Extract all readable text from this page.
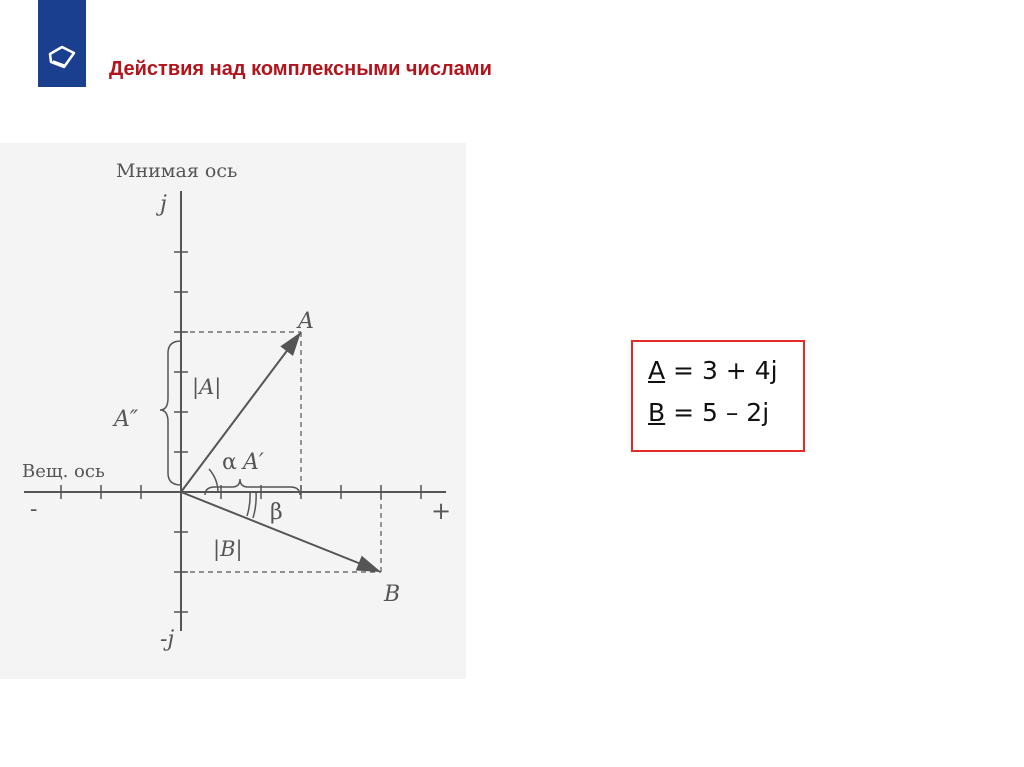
Действия над комплексными числами
Мнимая ось
j
-j
Вещ. ось
-	+
A
B
|A|
A″
α A′
β
|B|
A = 3 + 4j
B = 5 – 2j
